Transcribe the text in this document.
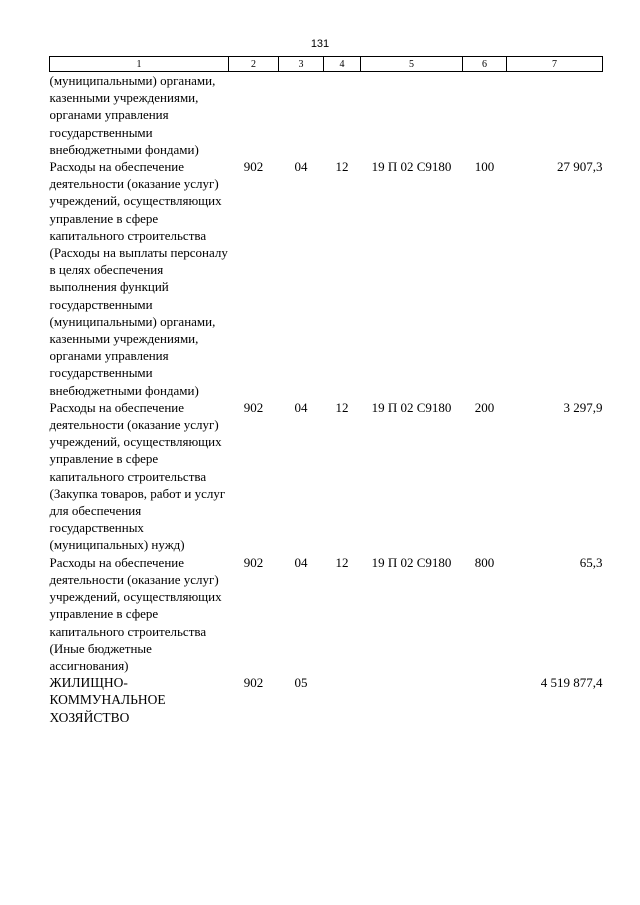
131
1	2	3	4	5	6	7
(муниципальными) органами, казенными учреждениями, органами управления государственными внебюджетными фондами)						
Расходы на обеспечение деятельности (оказание услуг) учреждений, осуществляющих управление в сфере капитального строительства (Расходы на выплаты персоналу в целях обеспечения выполнения функций государственными (муниципальными) органами, казенными учреждениями, органами управления государственными внебюджетными фондами)	902	04	12	19 П 02 С9180	100	27 907,3
Расходы на обеспечение деятельности (оказание услуг) учреждений, осуществляющих управление в сфере капитального строительства (Закупка товаров, работ и услуг для обеспечения государственных (муниципальных) нужд)	902	04	12	19 П 02 С9180	200	3 297,9
Расходы на обеспечение деятельности (оказание услуг) учреждений, осуществляющих управление в сфере капитального строительства (Иные бюджетные ассигнования)	902	04	12	19 П 02 С9180	800	65,3
ЖИЛИЩНО-КОММУНАЛЬНОЕ ХОЗЯЙСТВО	902	05				4 519 877,4
